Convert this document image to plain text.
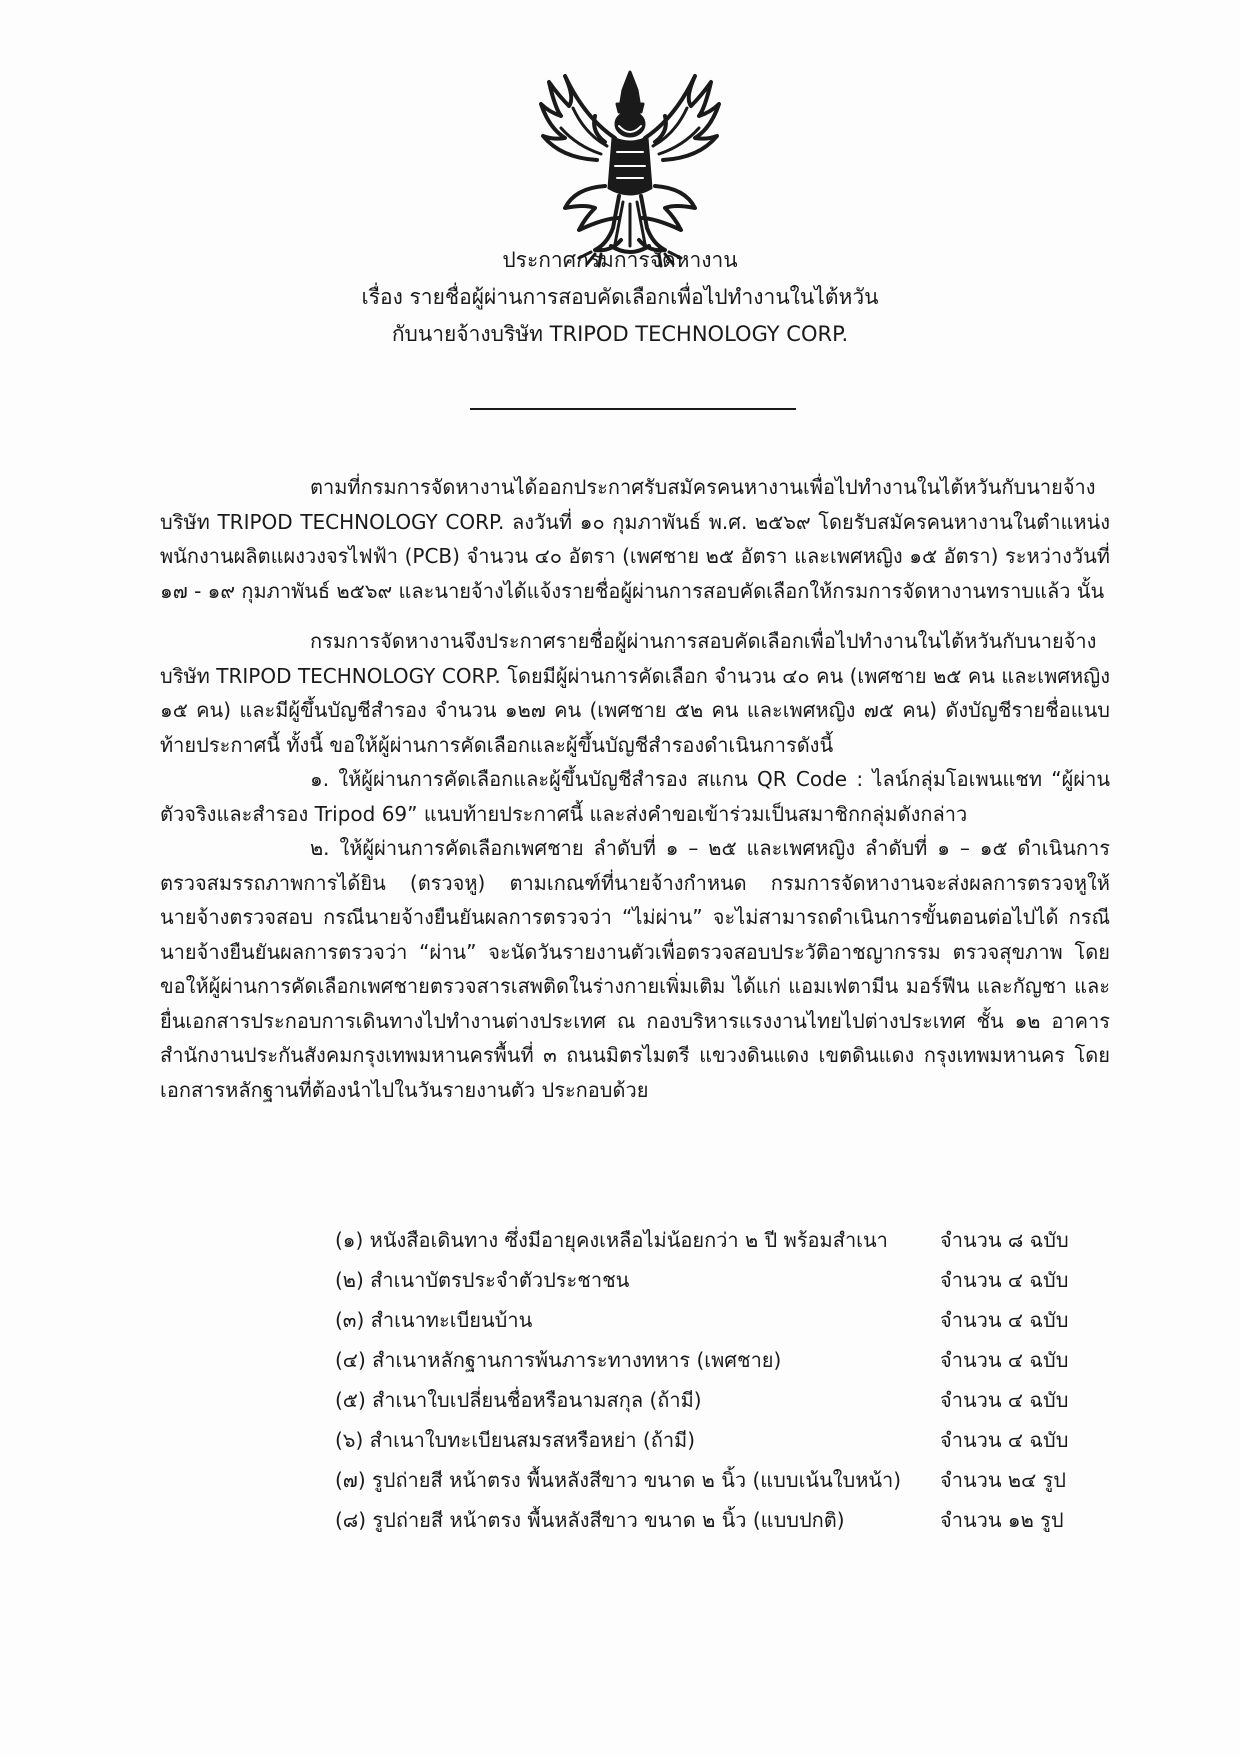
ประกาศกรมการจัดหางาน
เรื่อง รายชื่อผู้ผ่านการสอบคัดเลือกเพื่อไปทำงานในไต้หวัน
กับนายจ้างบริษัท TRIPOD TECHNOLOGY CORP.

ตามที่กรมการจัดหางานได้ออกประกาศรับสมัครคนหางานเพื่อไปทำงานในไต้หวันกับนายจ้าง บริษัท TRIPOD TECHNOLOGY CORP. ลงวันที่ ๑๐ กุมภาพันธ์ พ.ศ. ๒๕๖๙ โดยรับสมัครคนหางานในตำแหน่งพนักงานผลิตแผงวงจรไฟฟ้า (PCB) จำนวน ๔๐ อัตรา (เพศชาย ๒๕ อัตรา และเพศหญิง ๑๕ อัตรา) ระหว่างวันที่ ๑๗ - ๑๙ กุมภาพันธ์ ๒๕๖๙ และนายจ้างได้แจ้งรายชื่อผู้ผ่านการสอบคัดเลือกให้กรมการจัดหางานทราบแล้ว นั้น

กรมการจัดหางานจึงประกาศรายชื่อผู้ผ่านการสอบคัดเลือกเพื่อไปทำงานในไต้หวันกับนายจ้าง บริษัท TRIPOD TECHNOLOGY CORP. โดยมีผู้ผ่านการคัดเลือก จำนวน ๔๐ คน (เพศชาย ๒๕ คน และเพศหญิง ๑๕ คน) และมีผู้ขึ้นบัญชีสำรอง จำนวน ๑๒๗ คน (เพศชาย ๕๒ คน และเพศหญิง ๗๕ คน) ดังบัญชีรายชื่อแนบท้ายประกาศนี้ ทั้งนี้ ขอให้ผู้ผ่านการคัดเลือกและผู้ขึ้นบัญชีสำรองดำเนินการดังนี้

๑. ให้ผู้ผ่านการคัดเลือกและผู้ขึ้นบัญชีสำรอง สแกน QR Code : ไลน์กลุ่มโอเพนแชท “ผู้ผ่านตัวจริงและสำรอง Tripod 69” แนบท้ายประกาศนี้ และส่งคำขอเข้าร่วมเป็นสมาชิกกลุ่มดังกล่าว

๒. ให้ผู้ผ่านการคัดเลือกเพศชาย ลำดับที่ ๑ – ๒๕ และเพศหญิง ลำดับที่ ๑ – ๑๕ ดำเนินการตรวจสมรรถภาพการได้ยิน (ตรวจหู) ตามเกณฑ์ที่นายจ้างกำหนด กรมการจัดหางานจะส่งผลการตรวจหูให้นายจ้างตรวจสอบ กรณีนายจ้างยืนยันผลการตรวจว่า “ไม่ผ่าน” จะไม่สามารถดำเนินการขั้นตอนต่อไปได้ กรณีนายจ้างยืนยันผลการตรวจว่า “ผ่าน” จะนัดวันรายงานตัวเพื่อตรวจสอบประวัติอาชญากรรม ตรวจสุขภาพ โดยขอให้ผู้ผ่านการคัดเลือกเพศชายตรวจสารเสพติดในร่างกายเพิ่มเติม ได้แก่ แอมเฟตามีน มอร์ฟีน และกัญชา และยื่นเอกสารประกอบการเดินทางไปทำงานต่างประเทศ ณ กองบริหารแรงงานไทยไปต่างประเทศ ชั้น ๑๒ อาคารสำนักงานประกันสังคมกรุงเทพมหานครพื้นที่ ๓ ถนนมิตรไมตรี แขวงดินแดง เขตดินแดง กรุงเทพมหานคร โดยเอกสารหลักฐานที่ต้องนำไปในวันรายงานตัว ประกอบด้วย

(๑) หนังสือเดินทาง ซึ่งมีอายุคงเหลือไม่น้อยกว่า ๒ ปี พร้อมสำเนา	จำนวน ๘ ฉบับ
(๒) สำเนาบัตรประจำตัวประชาชน	จำนวน ๔ ฉบับ
(๓) สำเนาทะเบียนบ้าน	จำนวน ๔ ฉบับ
(๔) สำเนาหลักฐานการพ้นภาระทางทหาร (เพศชาย)	จำนวน ๔ ฉบับ
(๕) สำเนาใบเปลี่ยนชื่อหรือนามสกุล (ถ้ามี)	จำนวน ๔ ฉบับ
(๖) สำเนาใบทะเบียนสมรสหรือหย่า (ถ้ามี)	จำนวน ๔ ฉบับ
(๗) รูปถ่ายสี หน้าตรง พื้นหลังสีขาว ขนาด ๒ นิ้ว (แบบเน้นใบหน้า) จำนวน ๒๔ รูป
(๘) รูปถ่ายสี หน้าตรง พื้นหลังสีขาว ขนาด ๒ นิ้ว (แบบปกติ)	จำนวน ๑๒ รูป
